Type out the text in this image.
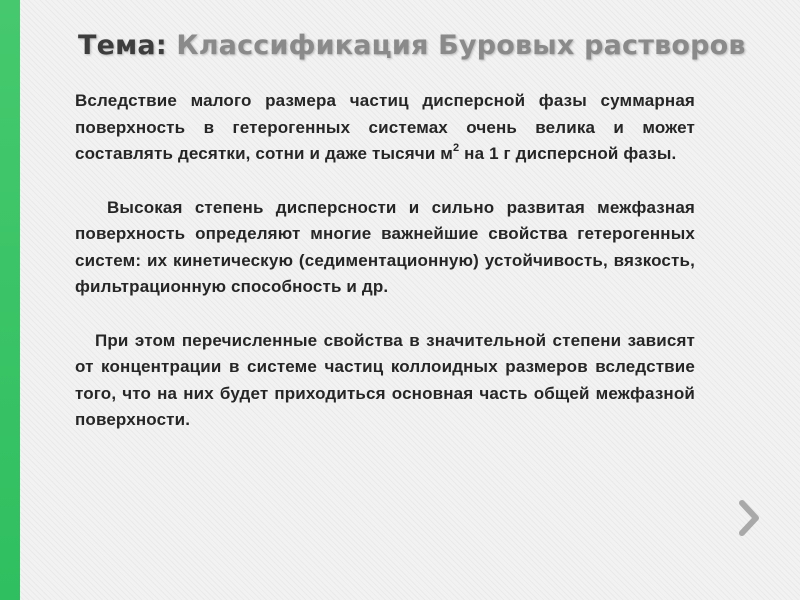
Тема: Классификация Буровых растворов

Вследствие малого размера частиц дисперсной фазы суммарная поверхность в гетерогенных системах очень велика и может составлять десятки, сотни и даже тысячи $м^2$ на 1 г дисперсной фазы.

Высокая степень дисперсности и сильно развитая межфазная поверхность определяют многие важнейшие свойства гетерогенных систем: их кинетическую (седиментационную) устойчивость, вязкость, фильтрационную способность и др.

При этом перечисленные свойства в значительной степени зависят от концентрации в системе частиц коллоидных размеров вследствие того, что на них будет приходиться основная часть общей межфазной поверхности.
